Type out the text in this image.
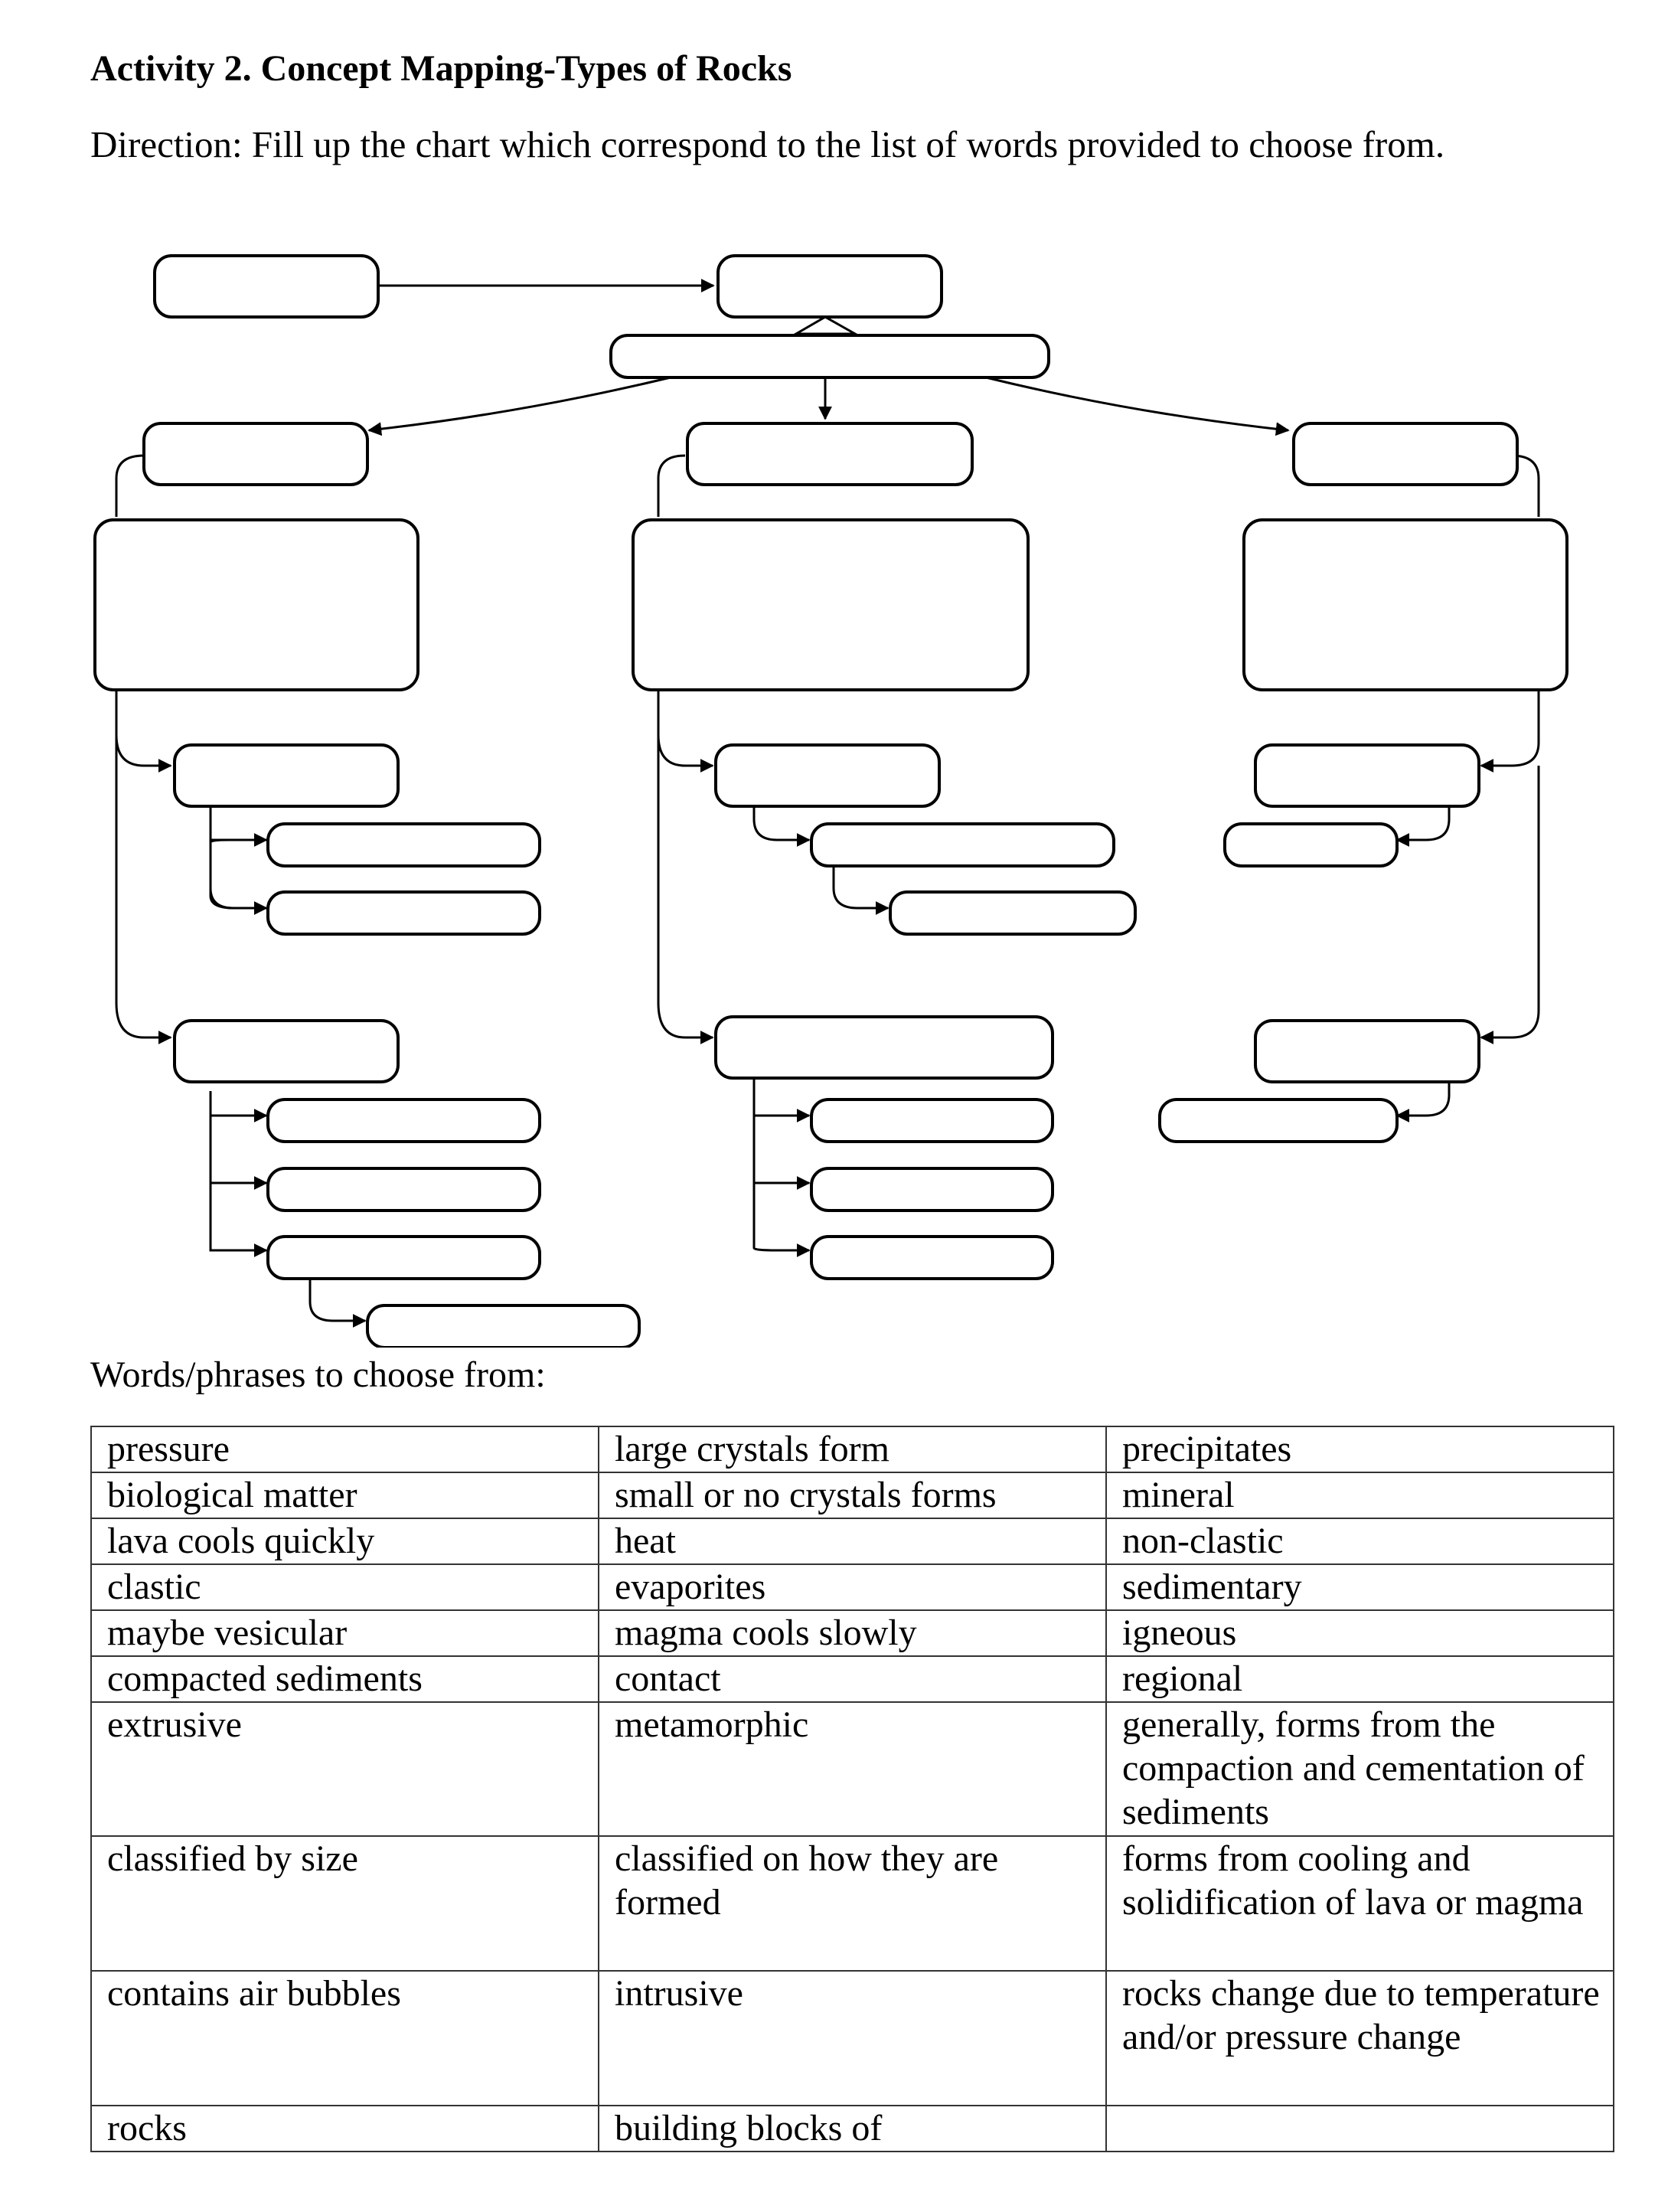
Activity 2. Concept Mapping-Types of Rocks
Direction: Fill up the chart which correspond to the list of words provided to choose from.
Words/phrases to choose from:
pressure	large crystals form	precipitates
biological matter	small or no crystals forms	mineral
lava cools quickly	heat	non-clastic
clastic	evaporites	sedimentary
maybe vesicular	magma cools slowly	igneous
compacted sediments	contact	regional
extrusive	metamorphic	generally, forms from the compaction and cementation of sediments
classified by size	classified on how they are formed	forms from cooling and solidification of lava or magma
contains air bubbles	intrusive	rocks change due to temperature and/or pressure change
rocks	building blocks of	
